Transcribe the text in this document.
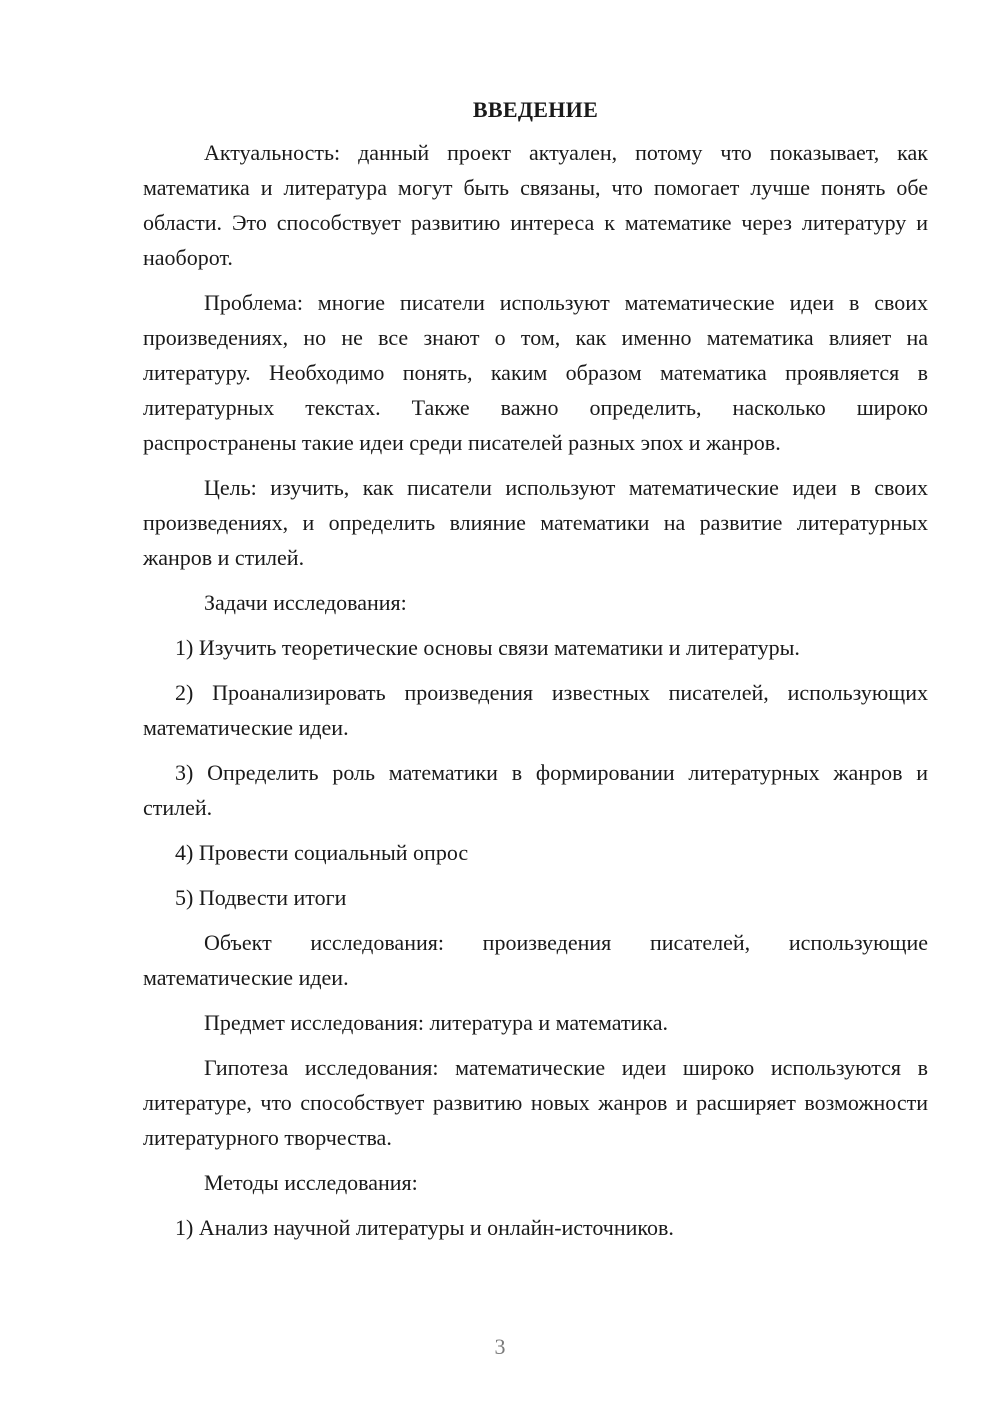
ВВЕДЕНИЕ

Актуальность: данный проект актуален, потому что показывает, как математика и литература могут быть связаны, что помогает лучше понять обе области. Это способствует развитию интереса к математике через литературу и наоборот.

Проблема: многие писатели используют математические идеи в своих произведениях, но не все знают о том, как именно математика влияет на литературу. Необходимо понять, каким образом математика проявляется в литературных текстах. Также важно определить, насколько широко распространены такие идеи среди писателей разных эпох и жанров.

Цель: изучить, как писатели используют математические идеи в своих произведениях, и определить влияние математики на развитие литературных жанров и стилей.

Задачи исследования:

1) Изучить теоретические основы связи математики и литературы.

2) Проанализировать произведения известных писателей, использующих математические идеи.

3) Определить роль математики в формировании литературных жанров и стилей.

4) Провести социальный опрос

5) Подвести итоги

Объект исследования: произведения писателей, использующие математические идеи.

Предмет исследования: литература и математика.

Гипотеза исследования: математические идеи широко используются в литературе, что способствует развитию новых жанров и расширяет возможности литературного творчества.

Методы исследования:

1) Анализ научной литературы и онлайн-источников.

3
